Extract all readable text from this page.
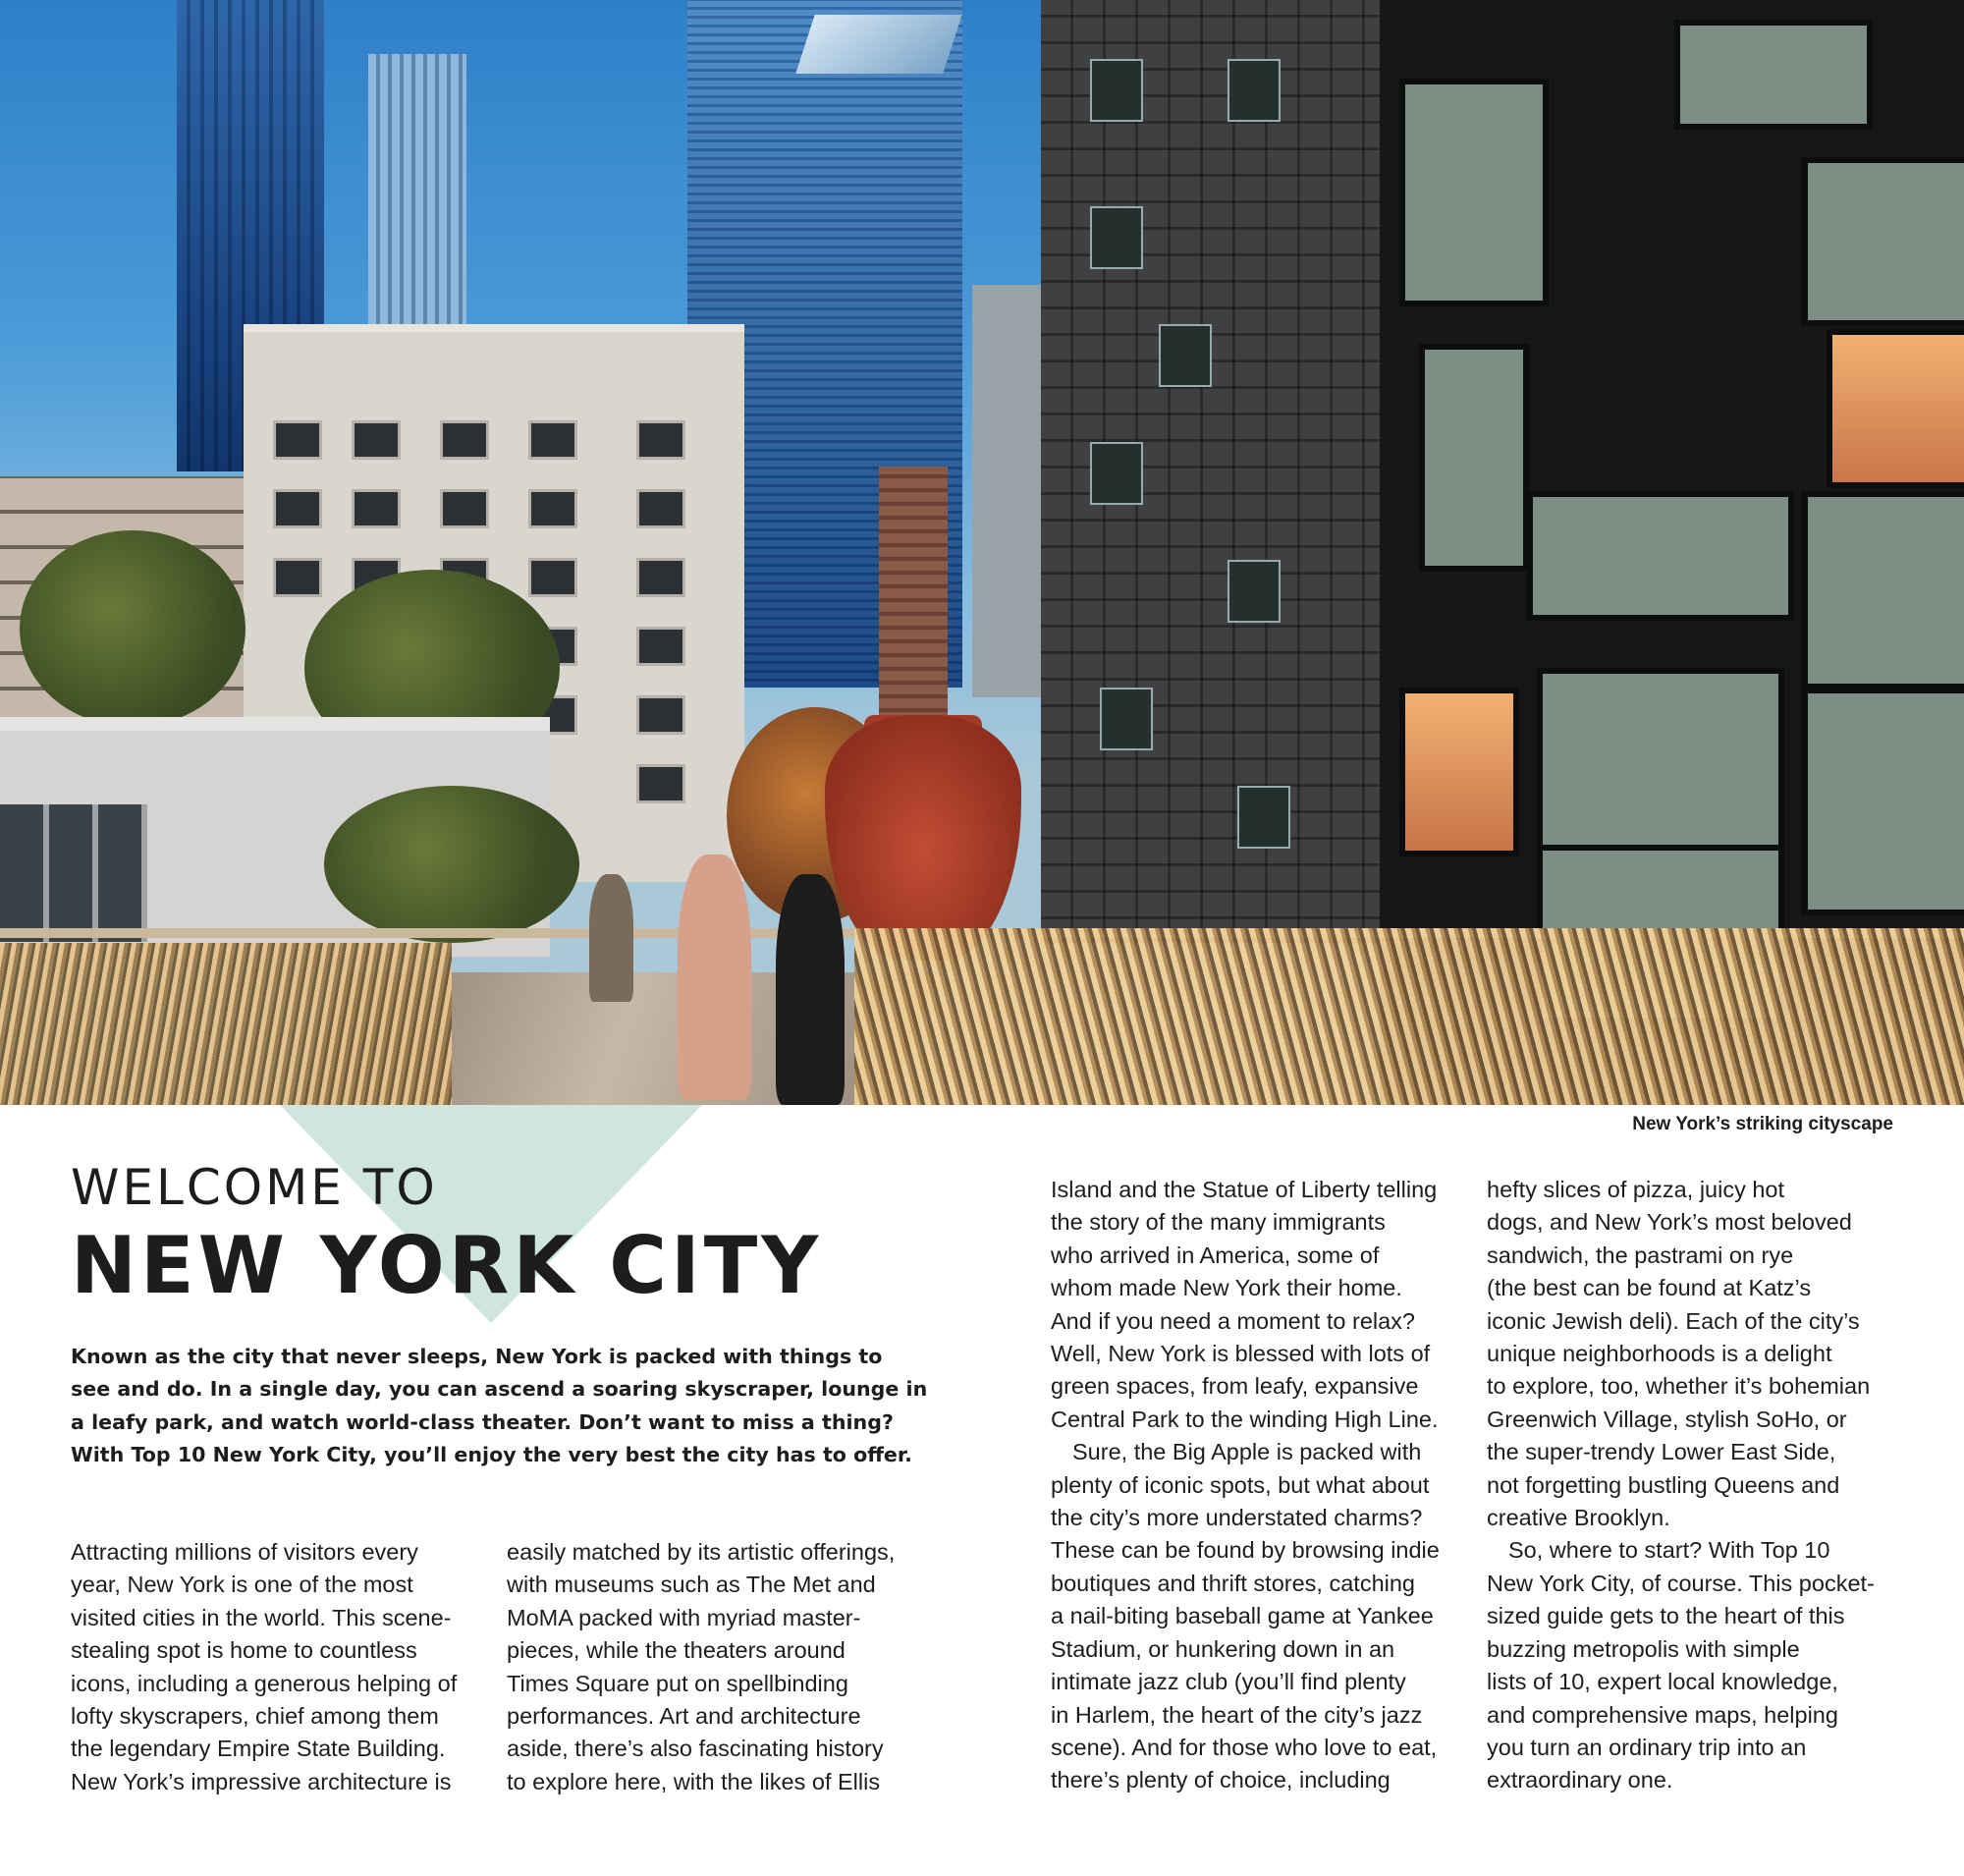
New York’s striking cityscape
WELCOME TO
NEW YORK CITY
Known as the city that never sleeps, New York is packed with things to
see and do. In a single day, you can ascend a soaring skyscraper, lounge in
a leafy park, and watch world-class theater. Don’t want to miss a thing?
With Top 10 New York City, you’ll enjoy the very best the city has to offer.
Attracting millions of visitors every
year, New York is one of the most
visited cities in the world. This scene-
stealing spot is home to countless
icons, including a generous helping of
lofty skyscrapers, chief among them
the legendary Empire State Building.
New York’s impressive architecture is
easily matched by its artistic offerings,
with museums such as The Met and
MoMA packed with myriad master-
pieces, while the theaters around
Times Square put on spellbinding
performances. Art and architecture
aside, there’s also fascinating history
to explore here, with the likes of Ellis
Island and the Statue of Liberty telling
the story of the many immigrants
who arrived in America, some of
whom made New York their home.
And if you need a moment to relax?
Well, New York is blessed with lots of
green spaces, from leafy, expansive
Central Park to the winding High Line.
Sure, the Big Apple is packed with
plenty of iconic spots, but what about
the city’s more understated charms?
These can be found by browsing indie
boutiques and thrift stores, catching
a nail-biting baseball game at Yankee
Stadium, or hunkering down in an
intimate jazz club (you’ll find plenty
in Harlem, the heart of the city’s jazz
scene). And for those who love to eat,
there’s plenty of choice, including
hefty slices of pizza, juicy hot
dogs, and New York’s most beloved
sandwich, the pastrami on rye
(the best can be found at Katz’s
iconic Jewish deli). Each of the city’s
unique neighborhoods is a delight
to explore, too, whether it’s bohemian
Greenwich Village, stylish SoHo, or
the super-trendy Lower East Side,
not forgetting bustling Queens and
creative Brooklyn.
So, where to start? With Top 10
New York City, of course. This pocket-
sized guide gets to the heart of this
buzzing metropolis with simple
lists of 10, expert local knowledge,
and comprehensive maps, helping
you turn an ordinary trip into an
extraordinary one.
